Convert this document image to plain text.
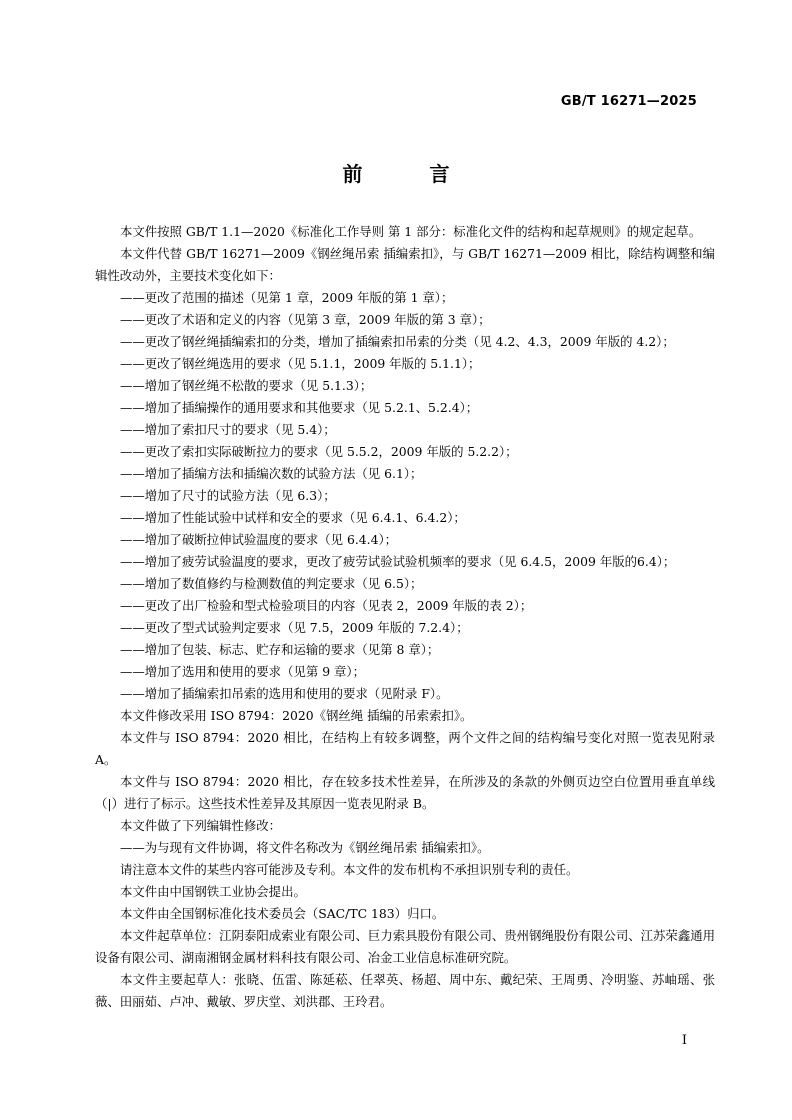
GB/T 16271—2025
前 言
本文件按照 GB/T 1.1—2020《标准化工作导则 第 1 部分：标准化文件的结构和起草规则》的规定起草。
本文件代替 GB/T 16271—2009《钢丝绳吊索 插编索扣》，与 GB/T 16271—2009 相比，除结构调整和编辑性改动外，主要技术变化如下：
——更改了范围的描述（见第 1 章，2009 年版的第 1 章）；
——更改了术语和定义的内容（见第 3 章，2009 年版的第 3 章）；
——更改了钢丝绳插编索扣的分类，增加了插编索扣吊索的分类（见 4.2、4.3，2009 年版的 4.2）；
——更改了钢丝绳选用的要求（见 5.1.1，2009 年版的 5.1.1）；
——增加了钢丝绳不松散的要求（见 5.1.3）；
——增加了插编操作的通用要求和其他要求（见 5.2.1、5.2.4）；
——增加了索扣尺寸的要求（见 5.4）；
——更改了索扣实际破断拉力的要求（见 5.5.2，2009 年版的 5.2.2）；
——增加了插编方法和插编次数的试验方法（见 6.1）；
——增加了尺寸的试验方法（见 6.3）；
——增加了性能试验中试样和安全的要求（见 6.4.1、6.4.2）；
——增加了破断拉伸试验温度的要求（见 6.4.4）；
——增加了疲劳试验温度的要求，更改了疲劳试验试验机频率的要求（见 6.4.5，2009 年版的6.4）；
——增加了数值修约与检测数值的判定要求（见 6.5）；
——更改了出厂检验和型式检验项目的内容（见表 2，2009 年版的表 2）；
——更改了型式试验判定要求（见 7.5，2009 年版的 7.2.4）；
——增加了包装、标志、贮存和运输的要求（见第 8 章）；
——增加了选用和使用的要求（见第 9 章）；
——增加了插编索扣吊索的选用和使用的要求（见附录 F）。
本文件修改采用 ISO 8794：2020《钢丝绳 插编的吊索索扣》。
本文件与 ISO 8794：2020 相比，在结构上有较多调整，两个文件之间的结构编号变化对照一览表见附录 A。
本文件与 ISO 8794：2020 相比，存在较多技术性差异，在所涉及的条款的外侧页边空白位置用垂直单线（|）进行了标示。这些技术性差异及其原因一览表见附录 B。
本文件做了下列编辑性修改：
——为与现有文件协调，将文件名称改为《钢丝绳吊索 插编索扣》。
请注意本文件的某些内容可能涉及专利。本文件的发布机构不承担识别专利的责任。
本文件由中国钢铁工业协会提出。
本文件由全国钢标准化技术委员会（SAC/TC 183）归口。
本文件起草单位：江阴泰阳成索业有限公司、巨力索具股份有限公司、贵州钢绳股份有限公司、江苏荣鑫通用设备有限公司、湖南湘钢金属材料科技有限公司、冶金工业信息标准研究院。
本文件主要起草人：张晓、伍雷、陈延菘、任翠英、杨超、周中东、戴纪荣、王周勇、冷明鉴、苏岫瑶、张薇、田丽茹、卢冲、戴敏、罗庆堂、刘洪郡、王玲君。
I
